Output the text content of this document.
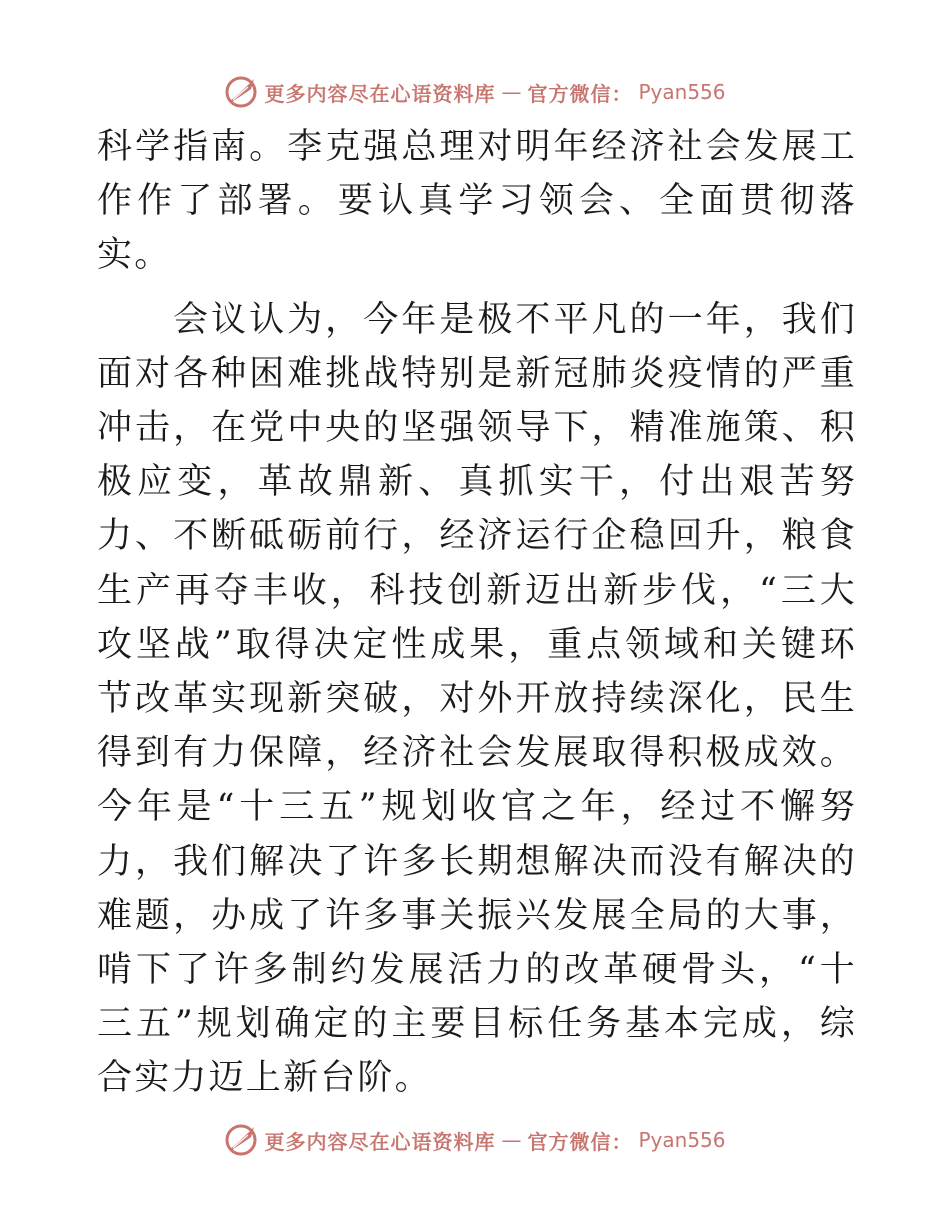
更多内容尽在心语资料库 — 官方微信： Pyan556

科学指南。李克强总理对明年经济社会发展工作作了部署。要认真学习领会、全面贯彻落实。

会议认为，今年是极不平凡的一年，我们面对各种困难挑战特别是新冠肺炎疫情的严重冲击，在党中央的坚强领导下，精准施策、积极应变，革故鼎新、真抓实干，付出艰苦努力、不断砥砺前行，经济运行企稳回升，粮食生产再夺丰收，科技创新迈出新步伐，“三大攻坚战”取得决定性成果，重点领域和关键环节改革实现新突破，对外开放持续深化，民生得到有力保障，经济社会发展取得积极成效。今年是“十三五”规划收官之年，经过不懈努力，我们解决了许多长期想解决而没有解决的难题，办成了许多事关振兴发展全局的大事，啃下了许多制约发展活力的改革硬骨头，“十三五”规划确定的主要目标任务基本完成，综合实力迈上新台阶。

更多内容尽在心语资料库 — 官方微信： Pyan556
